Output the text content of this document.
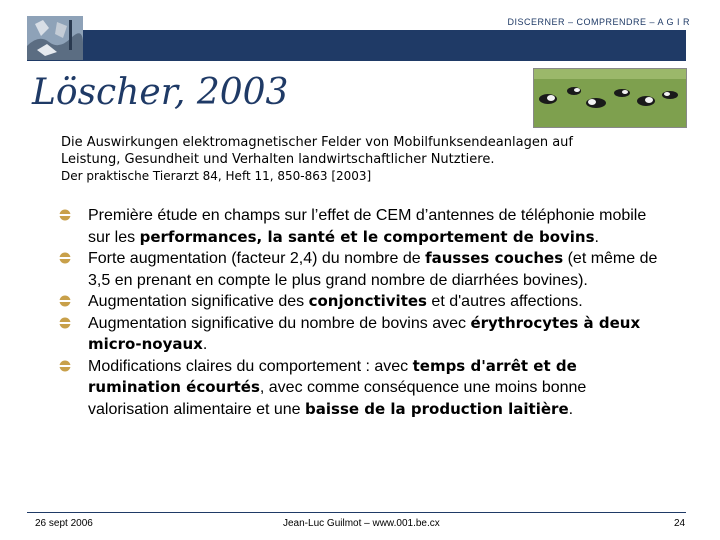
DISCERNER – COMPRENDRE – A G I R
Löscher, 2003
Die Auswirkungen elektromagnetischer Felder von Mobilfunksendeanlagen auf
Leistung, Gesundheit und Verhalten landwirtschaftlicher Nutztiere.
Der praktische Tierarzt 84, Heft 11, 850-863 [2003]
Première étude en champs sur l’effet de CEM d’antennes de téléphonie mobile sur les performances, la santé et le comportement de bovins.
Forte augmentation (facteur 2,4) du nombre de fausses couches (et même de 3,5 en prenant en compte le plus grand nombre de diarrhées bovines).
Augmentation significative des conjonctivites et d'autres affections.
Augmentation significative du nombre de bovins avec érythrocytes à deux micro-noyaux.
Modifications claires du comportement : avec temps d'arrêt et de rumination écourtés, avec comme conséquence une moins bonne valorisation alimentaire et une baisse de la production laitière.
26 sept 2006	Jean-Luc Guilmot – www.001.be.cx	24
